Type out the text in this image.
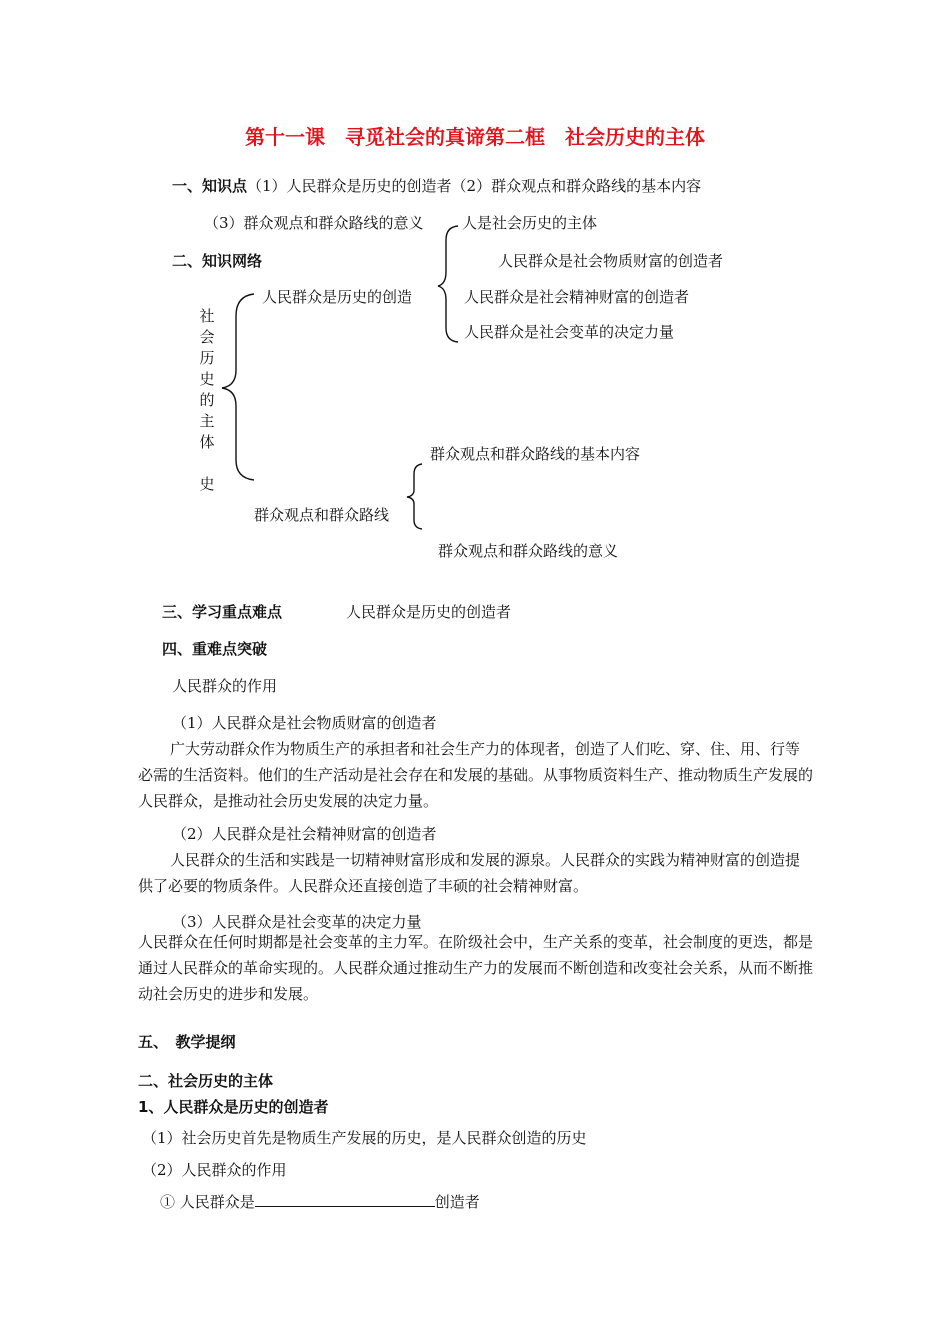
第十一课　寻觅社会的真谛第二框　社会历史的主体
一、知识点（1）人民群众是历史的创造者（2）群众观点和群众路线的基本内容
（3）群众观点和群众路线的意义
二、知识网络
社
会
历
史
的
主
体

史
人民群众是历史的创造
人是社会历史的主体
人民群众是社会物质财富的创造者
人民群众是社会精神财富的创造者
人民群众是社会变革的决定力量
群众观点和群众路线的基本内容
群众观点和群众路线
群众观点和群众路线的意义
三、学习重点难点	人民群众是历史的创造者
四、重难点突破
人民群众的作用
（1）人民群众是社会物质财富的创造者
广大劳动群众作为物质生产的承担者和社会生产力的体现者，创造了人们吃、穿、住、用、行等必需的生活资料。他们的生产活动是社会存在和发展的基础。从事物质资料生产、推动物质生产发展的人民群众，是推动社会历史发展的决定力量。
（2）人民群众是社会精神财富的创造者
人民群众的生活和实践是一切精神财富形成和发展的源泉。人民群众的实践为精神财富的创造提供了必要的物质条件。人民群众还直接创造了丰硕的社会精神财富。
（3）人民群众是社会变革的决定力量
人民群众在任何时期都是社会变革的主力军。在阶级社会中，生产关系的变革，社会制度的更迭，都是通过人民群众的革命实现的。人民群众通过推动生产力的发展而不断创造和改变社会关系，从而不断推动社会历史的进步和发展。
五、　教学提纲
二、社会历史的主体
1、人民群众是历史的创造者
（1）社会历史首先是物质生产发展的历史，是人民群众创造的历史
（2）人民群众的作用
① 人民群众是	创造者
